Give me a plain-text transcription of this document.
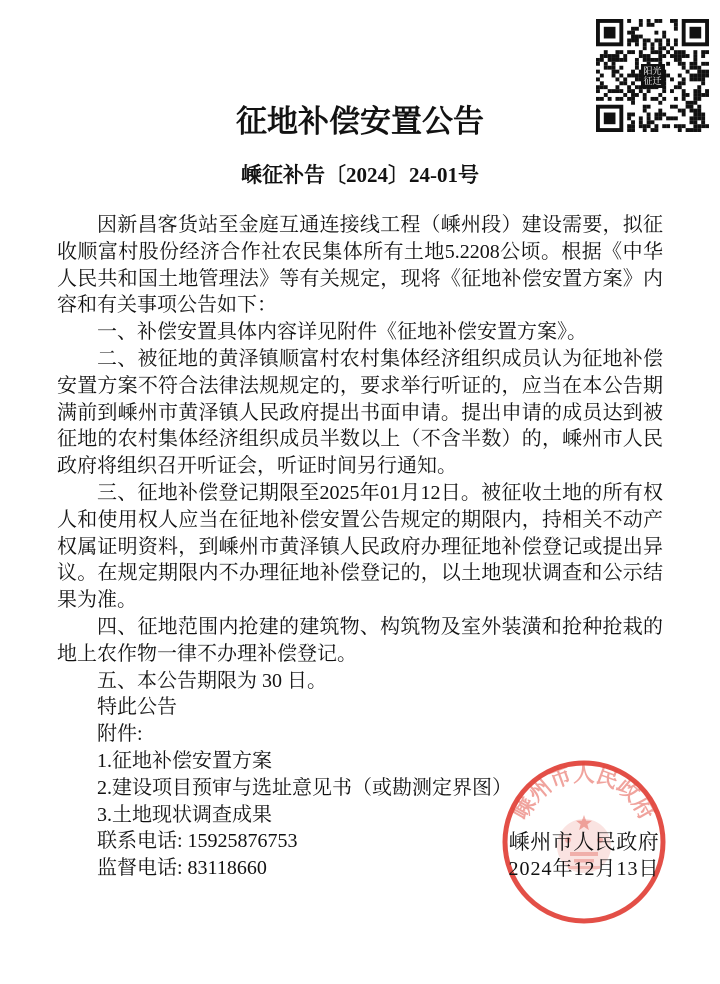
阳光
征迁
征地补偿安置公告
嵊征补告〔2024〕24-01号

因新昌客货站至金庭互通连接线工程（嵊州段）建设需要，拟征收顺富村股份经济合作社农民集体所有土地5.2208公顷。根据《中华人民共和国土地管理法》等有关规定，现将《征地补偿安置方案》内容和有关事项公告如下：

一、补偿安置具体内容详见附件《征地补偿安置方案》。

二、被征地的黄泽镇顺富村农村集体经济组织成员认为征地补偿安置方案不符合法律法规规定的，要求举行听证的，应当在本公告期满前到嵊州市黄泽镇人民政府提出书面申请。提出申请的成员达到被征地的农村集体经济组织成员半数以上（不含半数）的，嵊州市人民政府将组织召开听证会，听证时间另行通知。

三、征地补偿登记期限至2025年01月12日。被征收土地的所有权人和使用权人应当在征地补偿安置公告规定的期限内，持相关不动产权属证明资料，到嵊州市黄泽镇人民政府办理征地补偿登记或提出异议。在规定期限内不办理征地补偿登记的，以土地现状调查和公示结果为准。

四、征地范围内抢建的建筑物、构筑物及室外装潢和抢种抢栽的地上农作物一律不办理补偿登记。

五、本公告期限为 30 日。

特此公告

附件:

1.征地补偿安置方案

2.建设项目预审与选址意见书（或勘测定界图）

3.土地现状调查成果

联系电话: 15925876753

监督电话: 83118660

嵊州市人民政府
嵊州市人民政府
2024年12月13日
